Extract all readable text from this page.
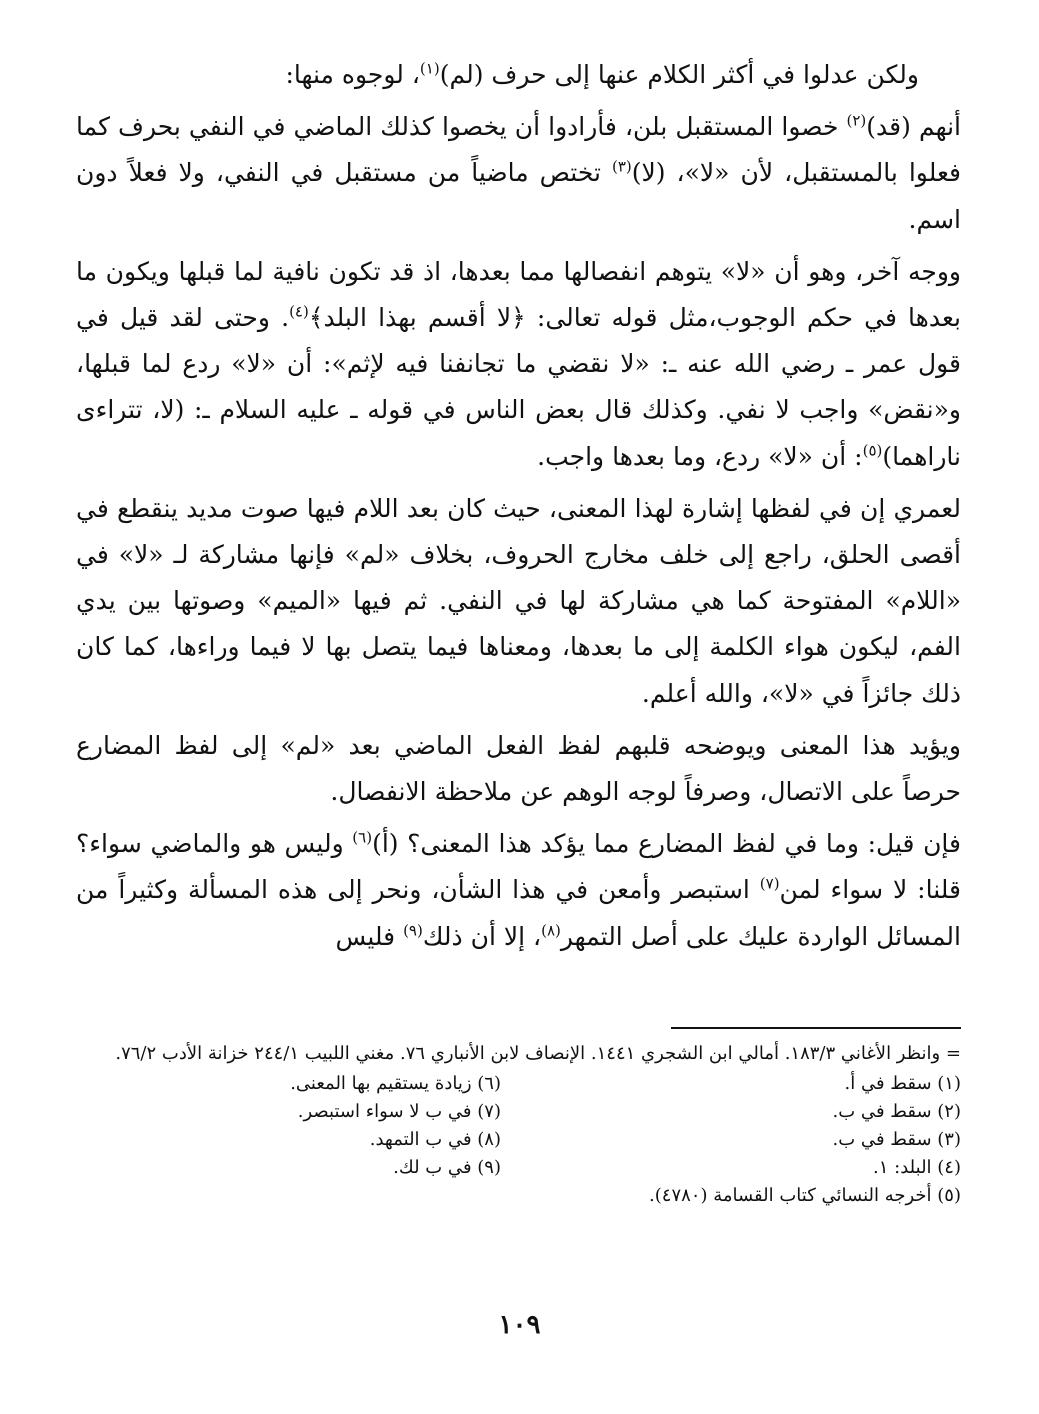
ولكن عدلوا في أكثر الكلام عنها إلى حرف (لم)$^{(١)}$، لوجوه منها:

أنهم (قد)$^{(٢)}$ خصوا المستقبل بلن، فأرادوا أن يخصوا كذلك الماضي في النفي بحرف كما فعلوا بالمستقبل، لأن «لا»، (لا)$^{(٣)}$ تختص ماضياً من مستقبل في النفي، ولا فعلاً دون اسم.

ووجه آخر، وهو أن «لا» يتوهم انفصالها مما بعدها، اذ قد تكون نافية لما قبلها ويكون ما بعدها في حكم الوجوب،مثل قوله تعالى: ﴿لا أقسم بهذا البلد﴾$^{(٤)}$. وحتى لقد قيل في قول عمر ـ رضي الله عنه ـ: «لا نقضي ما تجانفنا فيه لإثم»: أن «لا» ردع لما قبلها، و«نقض» واجب لا نفي. وكذلك قال بعض الناس في قوله ـ عليه السلام ـ: (لا، تتراءى ناراهما)$^{(٥)}$: أن «لا» ردع، وما بعدها واجب.

لعمري إن في لفظها إشارة لهذا المعنى، حيث كان بعد اللام فيها صوت مديد ينقطع في أقصى الحلق، راجع إلى خلف مخارج الحروف، بخلاف «لم» فإنها مشاركة لـ «لا» في «اللام» المفتوحة كما هي مشاركة لها في النفي. ثم فيها «الميم» وصوتها بين يدي الفم، ليكون هواء الكلمة إلى ما بعدها، ومعناها فيما يتصل بها لا فيما وراءها، كما كان ذلك جائزاً في «لا»، والله أعلم.

ويؤيد هذا المعنى ويوضحه قلبهم لفظ الفعل الماضي بعد «لم» إلى لفظ المضارع حرصاً على الاتصال، وصرفاً لوجه الوهم عن ملاحظة الانفصال.

فإن قيل: وما في لفظ المضارع مما يؤكد هذا المعنى؟ (أ)$^{(٦)}$ وليس هو والماضي سواء؟ قلنا: لا سواء لمن$^{(٧)}$ استبصر وأمعن في هذا الشأن، ونحر إلى هذه المسألة وكثيراً من المسائل الواردة عليك على أصل التمهر$^{(٨)}$، إلا أن ذلك$^{(٩)}$ فليس

= وانظر الأغاني ١٨٣/٣. أمالي ابن الشجري ١٤٤١. الإنصاف لابن الأنباري ٧٦. مغني اللبيب ٢٤٤/١ خزانة الأدب ٧٦/٢.

(١) سقط في أ.

(٢) سقط في ب.

(٣) سقط في ب.

(٤) البلد: ١.

(٥) أخرجه النسائي كتاب القسامة (٤٧٨٠).

(٦) زيادة يستقيم بها المعنى.

(٧) في ب لا سواء استبصر.

(٨) في ب التمهد.

(٩) في ب لك.

١٠٩
